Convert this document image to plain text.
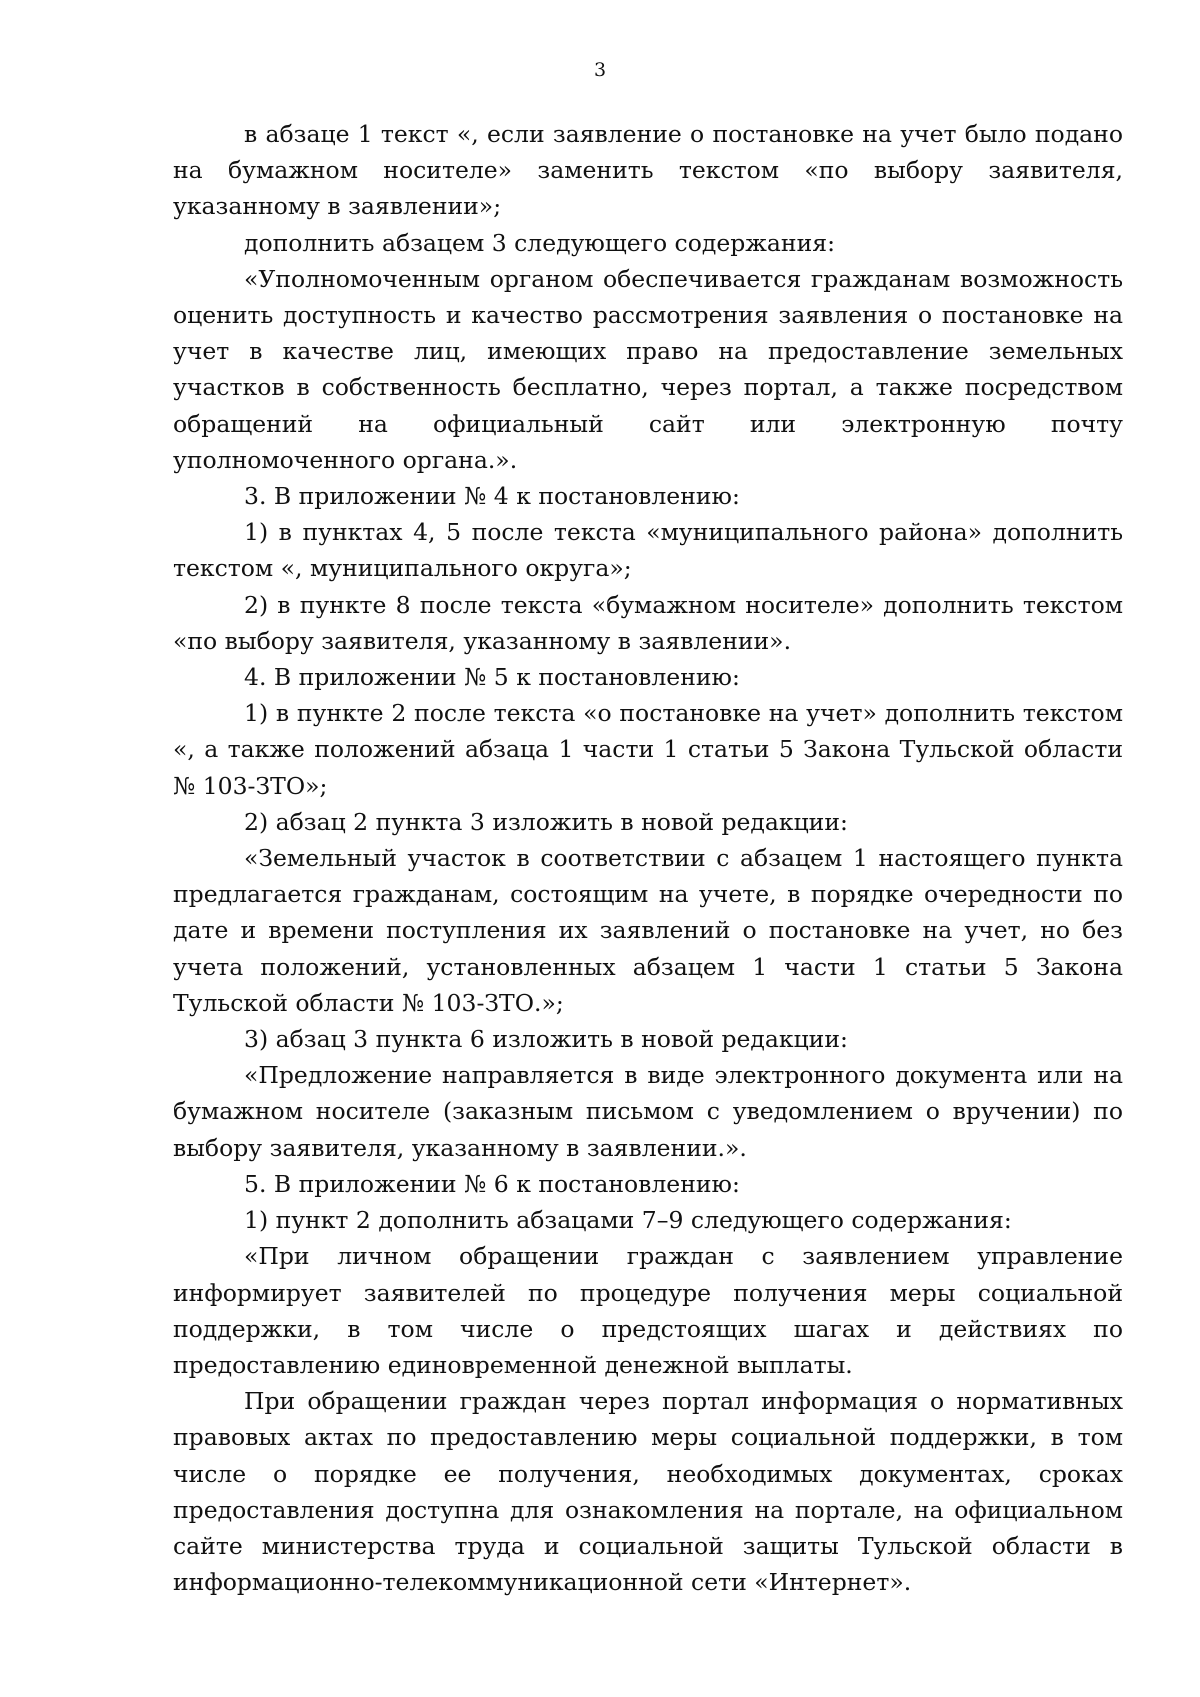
3

в абзаце 1 текст «, если заявление о постановке на учет было подано на бумажном носителе» заменить текстом «по выбору заявителя, указанному в заявлении»;

дополнить абзацем 3 следующего содержания:

«Уполномоченным органом обеспечивается гражданам возможность оценить доступность и качество рассмотрения заявления о постановке на учет в качестве лиц, имеющих право на предоставление земельных участков в собственность бесплатно, через портал, а также посредством обращений на официальный сайт или электронную почту уполномоченного органа.».

3. В приложении № 4 к постановлению:

1) в пунктах 4, 5 после текста «муниципального района» дополнить текстом «, муниципального округа»;

2) в пункте 8 после текста «бумажном носителе» дополнить текстом «по выбору заявителя, указанному в заявлении».

4. В приложении № 5 к постановлению:

1) в пункте 2 после текста «о постановке на учет» дополнить текстом «, а также положений абзаца 1 части 1 статьи 5 Закона Тульской области № 103-ЗТО»;

2) абзац 2 пункта 3 изложить в новой редакции:

«Земельный участок в соответствии с абзацем 1 настоящего пункта предлагается гражданам, состоящим на учете, в порядке очередности по дате и времени поступления их заявлений о постановке на учет, но без учета положений, установленных абзацем 1 части 1 статьи 5 Закона Тульской области № 103-ЗТО.»;

3) абзац 3 пункта 6 изложить в новой редакции:

«Предложение направляется в виде электронного документа или на бумажном носителе (заказным письмом с уведомлением о вручении) по выбору заявителя, указанному в заявлении.».

5. В приложении № 6 к постановлению:

1) пункт 2 дополнить абзацами 7–9 следующего содержания:

«При личном обращении граждан с заявлением управление информирует заявителей по процедуре получения меры социальной поддержки, в том числе о предстоящих шагах и действиях по предоставлению единовременной денежной выплаты.

При обращении граждан через портал информация о нормативных правовых актах по предоставлению меры социальной поддержки, в том числе о порядке ее получения, необходимых документах, сроках предоставления доступна для ознакомления на портале, на официальном сайте министерства труда и социальной защиты Тульской области в информационно-телекоммуникационной сети «Интернет».
